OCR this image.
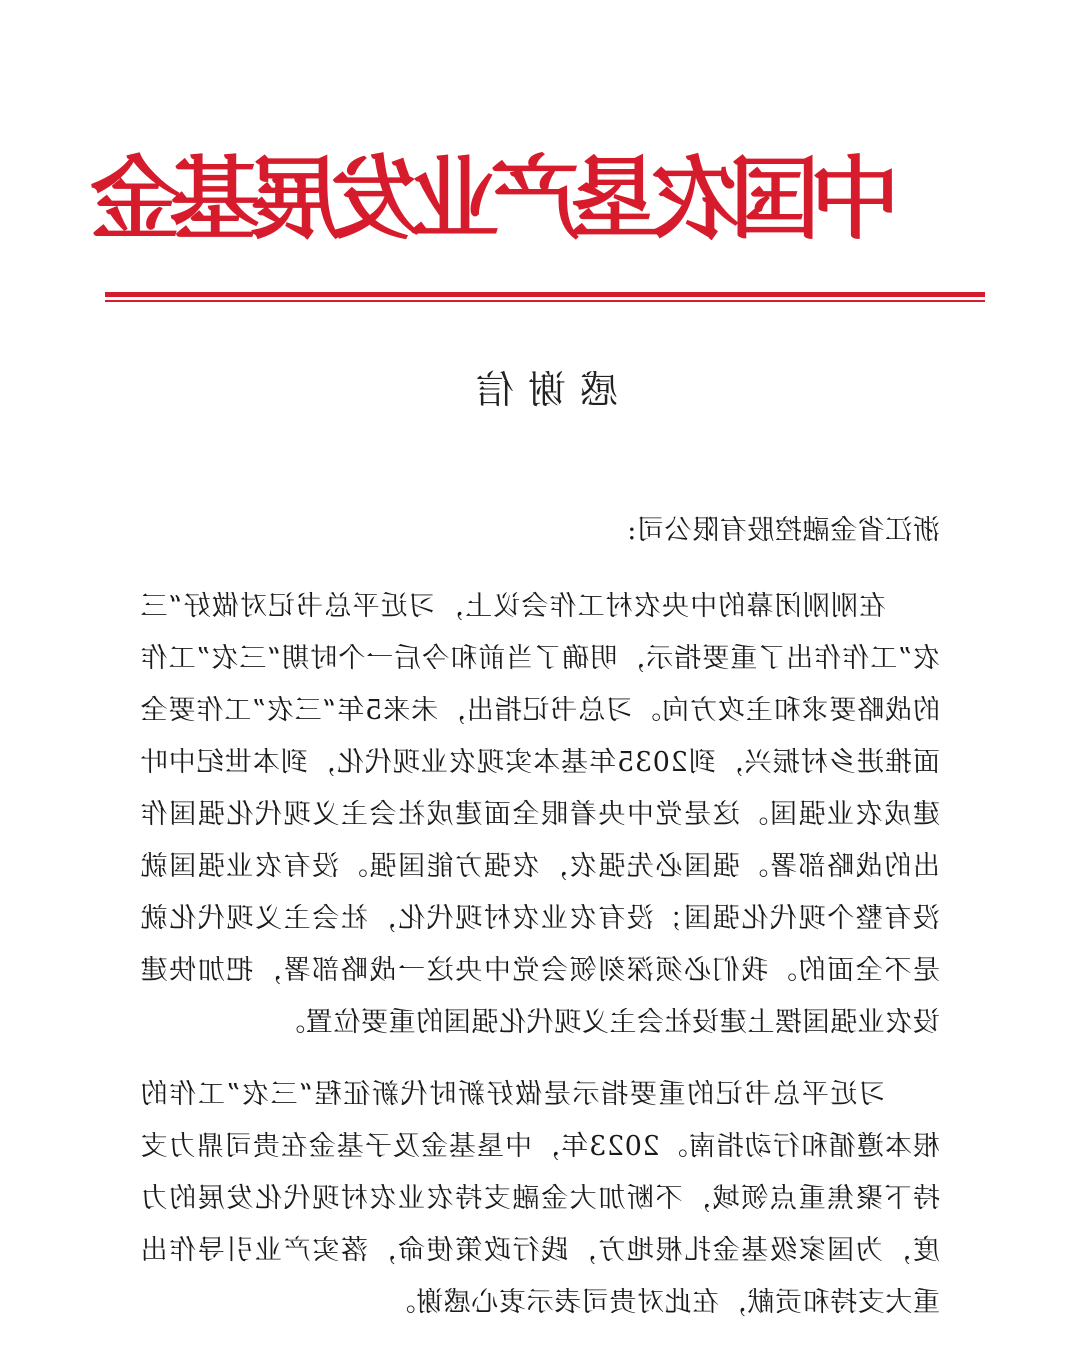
中国农垦产业发展基金
感谢信

浙江省金融控股有限公司:

在刚刚闭幕的中央农村工作会议上，习近平总书记对做好“三农”工作作出了重要指示，明确了当前和今后一个时期“三农”工作的战略要求和主攻方向。习总书记指出，未来5年“三农”工作要全面推进乡村振兴，到2035年基本实现农业现代化，到本世纪中叶建成农业强国。这是党中央着眼全面建成社会主义现代化强国作出的战略部署。强国必先强农，农强方能国强。没有农业强国就没有整个现代化强国；没有农业农村现代化，社会主义现代化就是不全面的。我们必须深刻领会党中央这一战略部署，把加快建设农业强国摆上建设社会主义现代化强国的重要位置。

习近平总书记的重要指示是做好新时代新征程“三农”工作的根本遵循和行动指南。2023年，中垦基金及子基金在贵司鼎力支持下聚焦重点领域，不断加大金融支持农业农村现代化发展的力度，为国家级基金扎根地方，践行政策使命，落实产业引导作出重大支持和贡献，在此对贵司表示衷心感谢。
